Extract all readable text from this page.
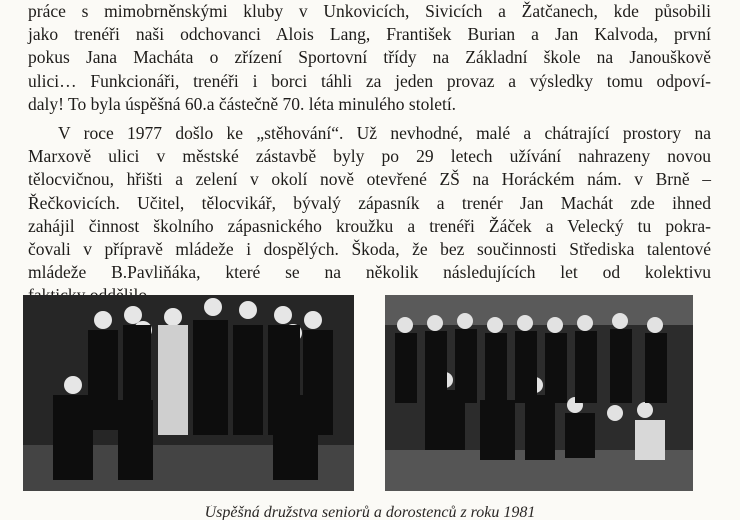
práce s mimobrněnskými kluby v Unkovicích, Sivicích a Žatčanech, kde působili
jako trenéři naši odchovanci Alois Lang, František Burian a Jan Kalvoda, první
pokus Jana Macháta o zřízení Sportovní třídy na Základní škole na Janouškově
ulici… Funkcionáři, trenéři i borci táhli za jeden provaz a výsledky tomu odpoví-
daly! To byla úspěšná 60.a částečně 70. léta minulého století.
V roce 1977 došlo ke „stěhování“. Už nevhodné, malé a chátrající prostory na
Marxově ulici v městské zástavbě byly po 29 letech užívání nahrazeny novou
tělocvičnou, hřišti a zelení v okolí nově otevřené ZŠ na Horáckém nám. v Brně –
Řečkovicích. Učitel, tělocvikář, bývalý zápasník a trenér Jan Machát zde ihned
zahájil činnost školního zápasnického kroužku a trenéři Žáček a Velecký tu pokra-
čovali v přípravě mládeže i dospělých. Škoda, že bez součinnosti Střediska talentové
mládeže B.Pavliňáka, které se na několik následujících let od kolektivu
Úspěšná družstva seniorů a dorostenců z roku 1981
